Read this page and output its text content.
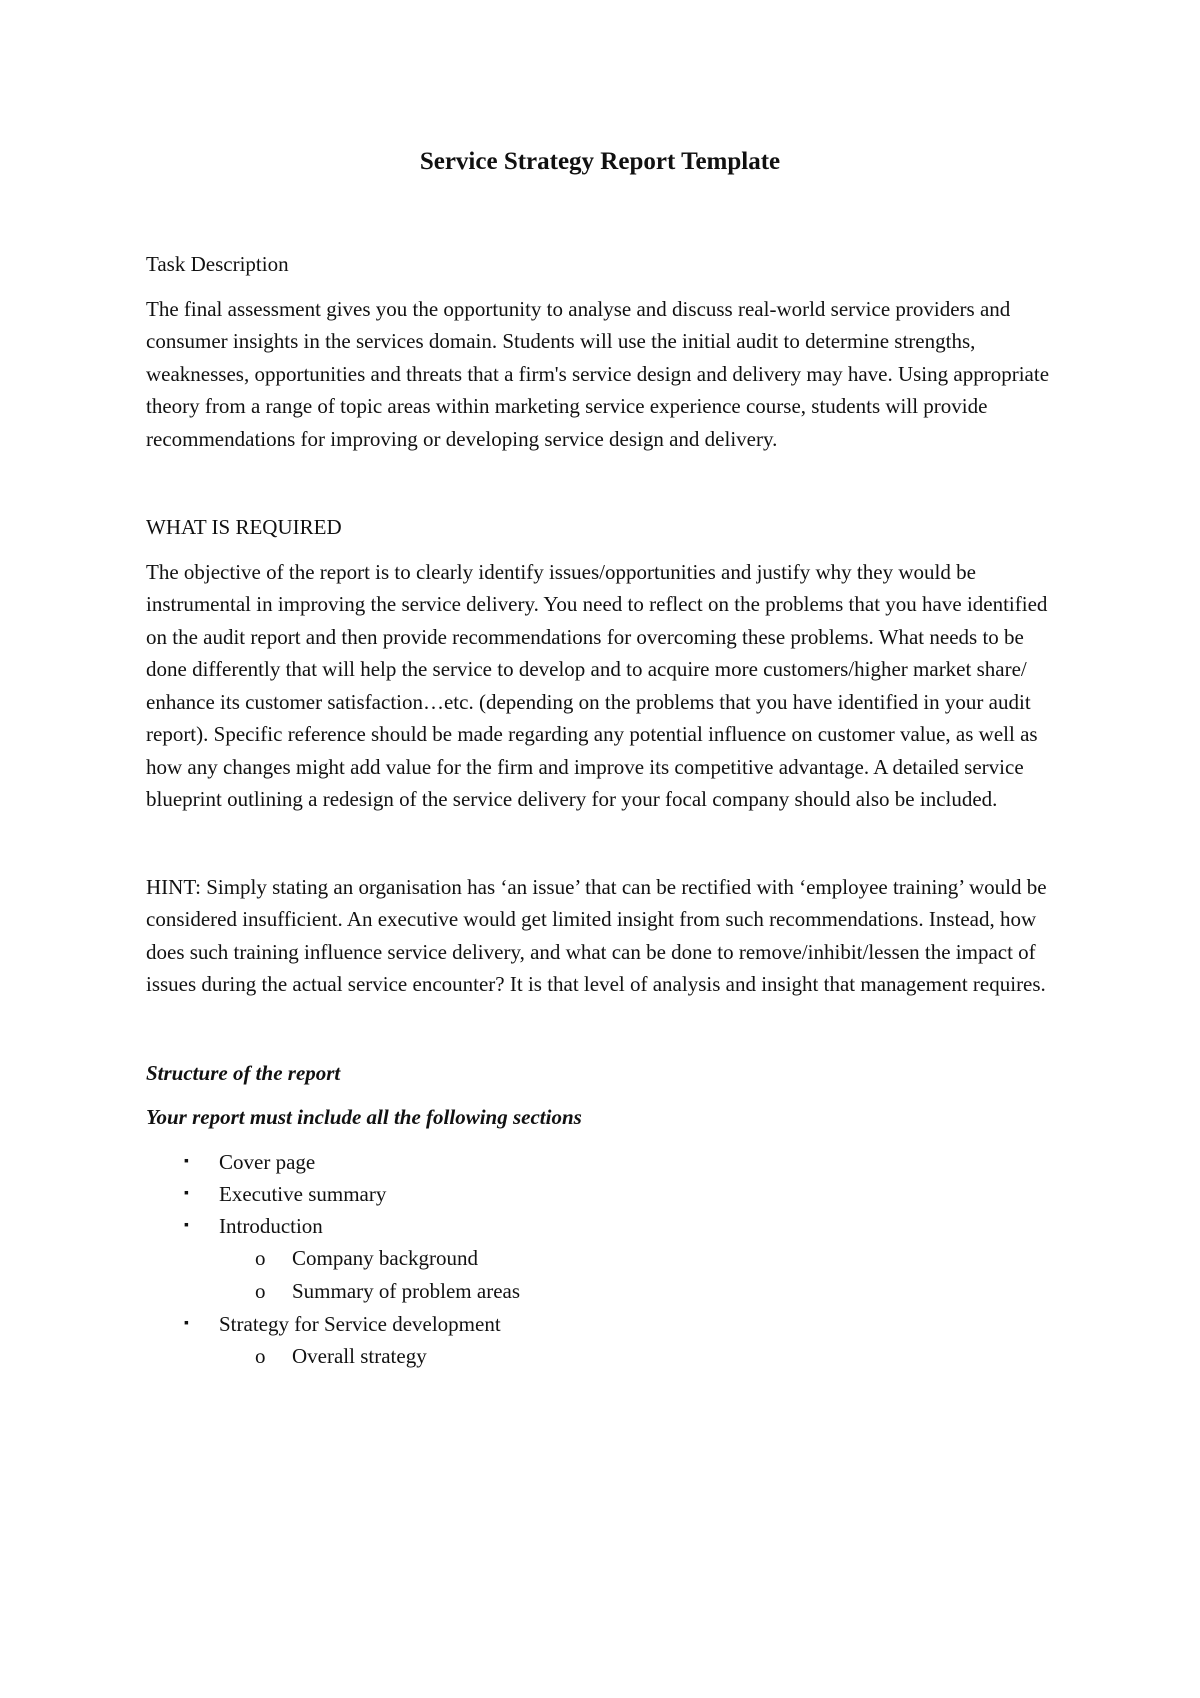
Service Strategy Report Template

Task Description

The final assessment gives you the opportunity to analyse and discuss real-world service providers and consumer insights in the services domain. Students will use the initial audit to determine strengths, weaknesses, opportunities and threats that a firm's service design and delivery may have. Using appropriate theory from a range of topic areas within marketing service experience course, students will provide recommendations for improving or developing service design and delivery.

WHAT IS REQUIRED

The objective of the report is to clearly identify issues/opportunities and justify why they would be instrumental in improving the service delivery. You need to reflect on the problems that you have identified on the audit report and then provide recommendations for overcoming these problems. What needs to be done differently that will help the service to develop and to acquire more customers/higher market share/ enhance its customer satisfaction…etc. (depending on the problems that you have identified in your audit report). Specific reference should be made regarding any potential influence on customer value, as well as how any changes might add value for the firm and improve its competitive advantage. A detailed service blueprint outlining a redesign of the service delivery for your focal company should also be included.

HINT: Simply stating an organisation has ‘an issue’ that can be rectified with ‘employee training’ would be considered insufficient. An executive would get limited insight from such recommendations. Instead, how does such training influence service delivery, and what can be done to remove/inhibit/lessen the impact of issues during the actual service encounter? It is that level of analysis and insight that management requires.

Structure of the report

Your report must include all the following sections

▪ Cover page
▪ Executive summary
▪ Introduction
o Company background
o Summary of problem areas
▪ Strategy for Service development
o Overall strategy
